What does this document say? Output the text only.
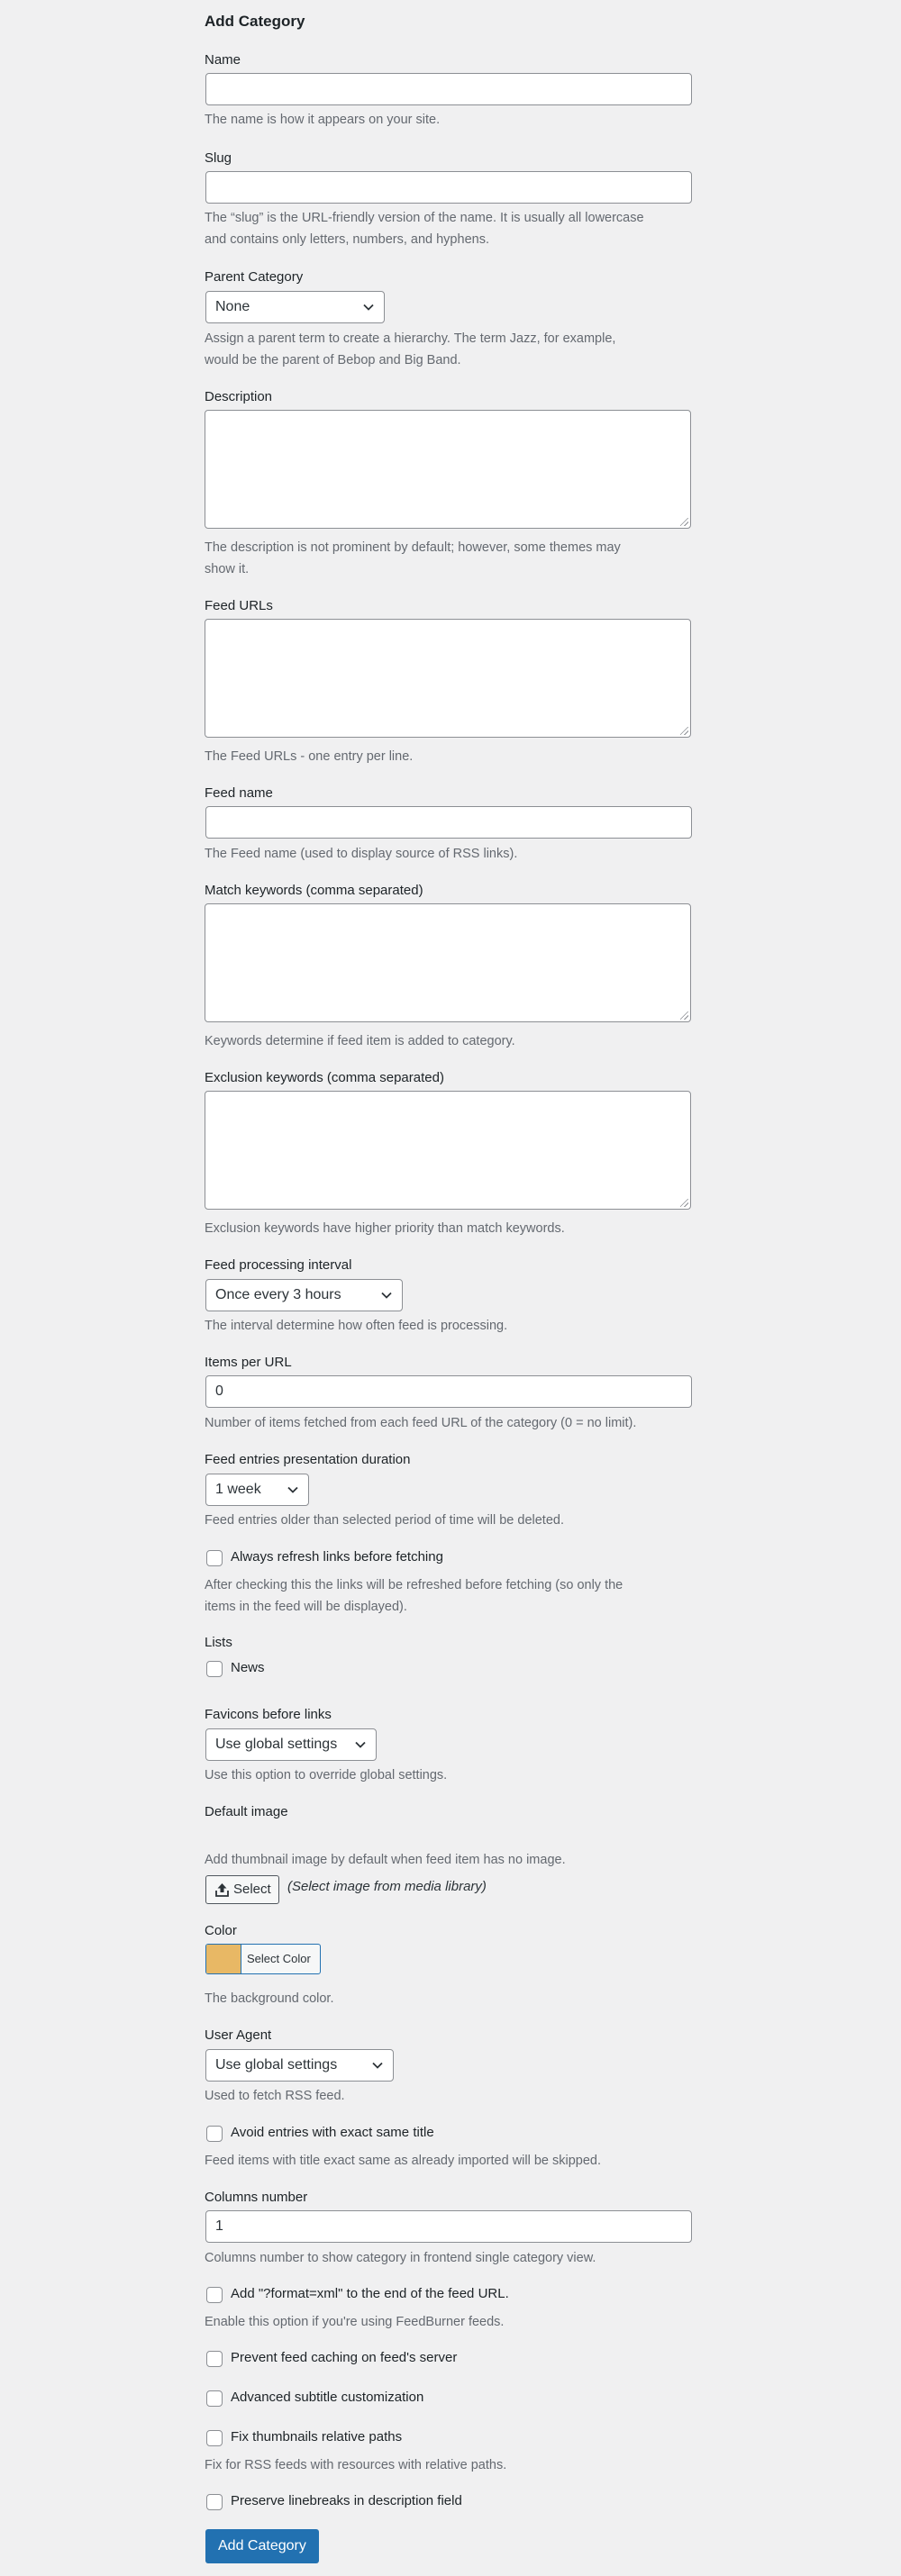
Add Category
Name
The name is how it appears on your site.
Slug
The “slug” is the URL-friendly version of the name. It is usually all lowercase
and contains only letters, numbers, and hyphens.
Parent Category
None
Assign a parent term to create a hierarchy. The term Jazz, for example,
would be the parent of Bebop and Big Band.
Description
The description is not prominent by default; however, some themes may
show it.
Feed URLs
The Feed URLs - one entry per line.
Feed name
The Feed name (used to display source of RSS links).
Match keywords (comma separated)
Keywords determine if feed item is added to category.
Exclusion keywords (comma separated)
Exclusion keywords have higher priority than match keywords.
Feed processing interval
Once every 3 hours
The interval determine how often feed is processing.
Items per URL
0
Number of items fetched from each feed URL of the category (0 = no limit).
Feed entries presentation duration
1 week
Feed entries older than selected period of time will be deleted.
Always refresh links before fetching
After checking this the links will be refreshed before fetching (so only the
items in the feed will be displayed).
Lists
News
Favicons before links
Use global settings
Use this option to override global settings.
Default image
Add thumbnail image by default when feed item has no image.
Select	(Select image from media library)
Color
Select Color
The background color.
User Agent
Use global settings
Used to fetch RSS feed.
Avoid entries with exact same title
Feed items with title exact same as already imported will be skipped.
Columns number
1
Columns number to show category in frontend single category view.
Add "?format=xml" to the end of the feed URL.
Enable this option if you're using FeedBurner feeds.
Prevent feed caching on feed's server
Advanced subtitle customization
Fix thumbnails relative paths
Fix for RSS feeds with resources with relative paths.
Preserve linebreaks in description field
Add Category
